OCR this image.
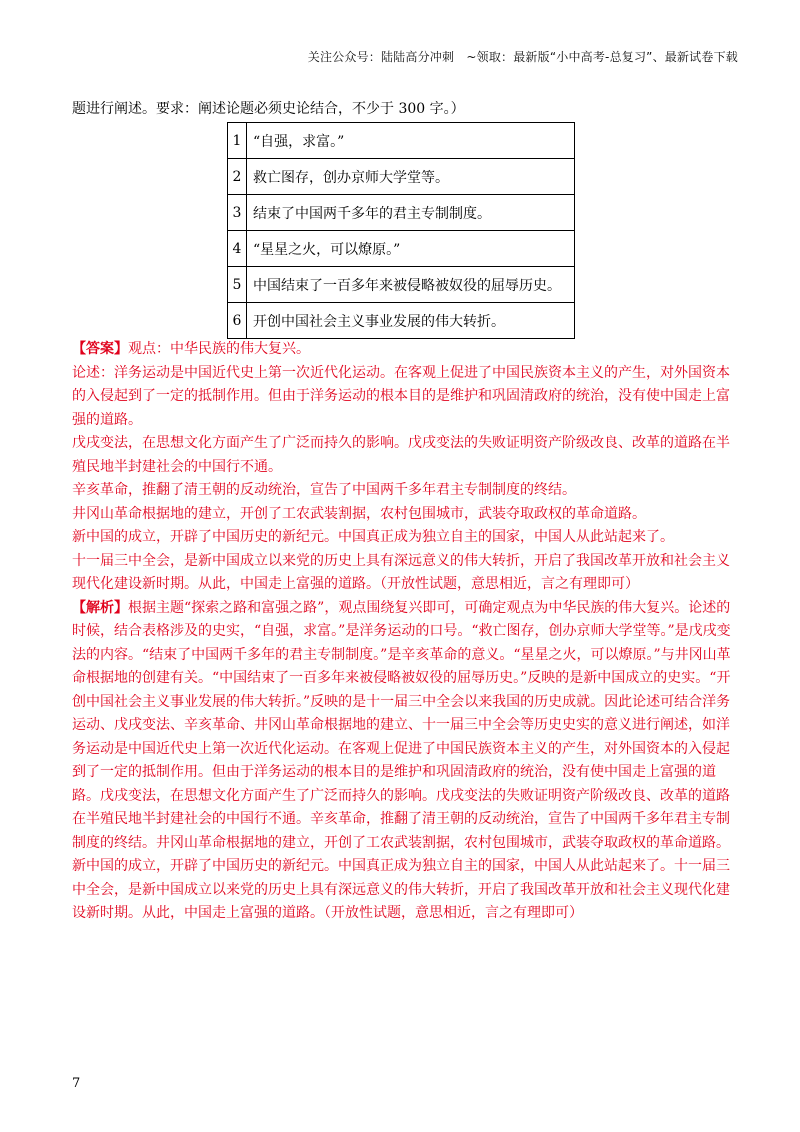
关注公众号：陆陆高分冲刺　~领取：最新版“小中高考-总复习”、最新试卷下载
题进行阐述。要求：阐述论题必须史论结合，不少于 300 字。）
1	“自强，求富。”
2	救亡图存，创办京师大学堂等。
3	结束了中国两千多年的君主专制制度。
4	“星星之火，可以燎原。”
5	中国结束了一百多年来被侵略被奴役的屈辱历史。
6	开创中国社会主义事业发展的伟大转折。

【答案】观点：中华民族的伟大复兴。

论述：洋务运动是中国近代史上第一次近代化运动。在客观上促进了中国民族资本主义的产生，对外国资本的入侵起到了一定的抵制作用。但由于洋务运动的根本目的是维护和巩固清政府的统治，没有使中国走上富强的道路。

戊戌变法，在思想文化方面产生了广泛而持久的影响。戊戌变法的失败证明资产阶级改良、改革的道路在半殖民地半封建社会的中国行不通。

辛亥革命，推翻了清王朝的反动统治，宣告了中国两千多年君主专制制度的终结。

井冈山革命根据地的建立，开创了工农武装割据，农村包围城市，武装夺取政权的革命道路。

新中国的成立，开辟了中国历史的新纪元。中国真正成为独立自主的国家，中国人从此站起来了。

十一届三中全会，是新中国成立以来党的历史上具有深远意义的伟大转折，开启了我国改革开放和社会主义现代化建设新时期。从此，中国走上富强的道路。（开放性试题，意思相近，言之有理即可）

【解析】根据主题“探索之路和富强之路”，观点围绕复兴即可，可确定观点为中华民族的伟大复兴。论述的时候，结合表格涉及的史实，“自强，求富。”是洋务运动的口号。“救亡图存，创办京师大学堂等。”是戊戌变法的内容。“结束了中国两千多年的君主专制制度。”是辛亥革命的意义。“星星之火，可以燎原。”与井冈山革命根据地的创建有关。“中国结束了一百多年来被侵略被奴役的屈辱历史。”反映的是新中国成立的史实。“开创中国社会主义事业发展的伟大转折。”反映的是十一届三中全会以来我国的历史成就。因此论述可结合洋务运动、戊戌变法、辛亥革命、井冈山革命根据地的建立、十一届三中全会等历史史实的意义进行阐述，如洋务运动是中国近代史上第一次近代化运动。在客观上促进了中国民族资本主义的产生，对外国资本的入侵起到了一定的抵制作用。但由于洋务运动的根本目的是维护和巩固清政府的统治，没有使中国走上富强的道路。戊戌变法，在思想文化方面产生了广泛而持久的影响。戊戌变法的失败证明资产阶级改良、改革的道路在半殖民地半封建社会的中国行不通。辛亥革命，推翻了清王朝的反动统治，宣告了中国两千多年君主专制制度的终结。井冈山革命根据地的建立，开创了工农武装割据，农村包围城市，武装夺取政权的革命道路。新中国的成立，开辟了中国历史的新纪元。中国真正成为独立自主的国家，中国人从此站起来了。十一届三中全会，是新中国成立以来党的历史上具有深远意义的伟大转折，开启了我国改革开放和社会主义现代化建设新时期。从此，中国走上富强的道路。（开放性试题，意思相近，言之有理即可）

7
